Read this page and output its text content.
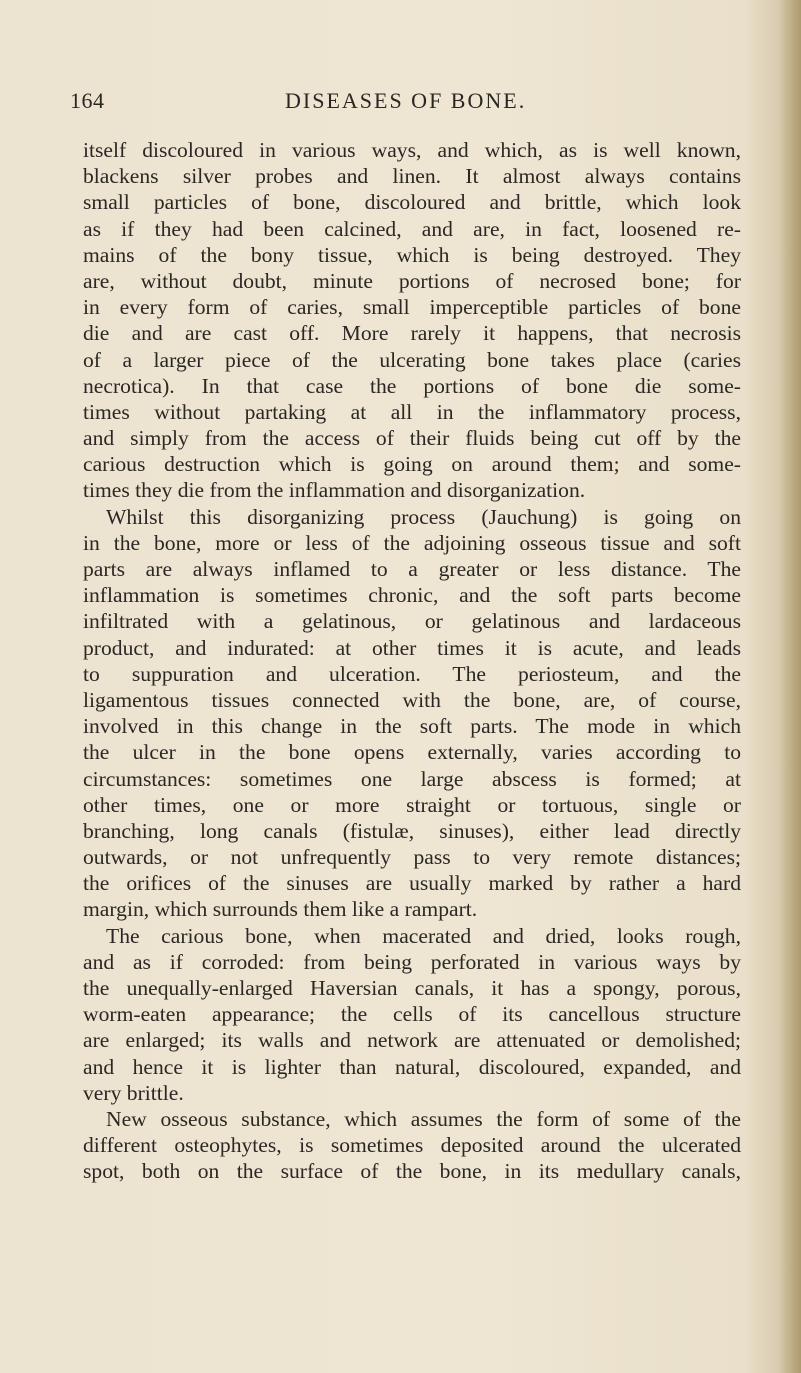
164	DISEASES OF BONE.
itself discoloured in various ways, and which, as is well known,
blackens silver probes and linen. It almost always contains
small particles of bone, discoloured and brittle, which look
as if they had been calcined, and are, in fact, loosened re-
mains of the bony tissue, which is being destroyed. They
are, without doubt, minute portions of necrosed bone; for
in every form of caries, small imperceptible particles of bone
die and are cast off. More rarely it happens, that necrosis
of a larger piece of the ulcerating bone takes place (caries
necrotica). In that case the portions of bone die some-
times without partaking at all in the inflammatory process,
and simply from the access of their fluids being cut off by the
carious destruction which is going on around them; and some-
times they die from the inflammation and disorganization.
Whilst this disorganizing process (Jauchung) is going on
in the bone, more or less of the adjoining osseous tissue and soft
parts are always inflamed to a greater or less distance. The
inflammation is sometimes chronic, and the soft parts become
infiltrated with a gelatinous, or gelatinous and lardaceous
product, and indurated: at other times it is acute, and leads
to suppuration and ulceration. The periosteum, and the
ligamentous tissues connected with the bone, are, of course,
involved in this change in the soft parts. The mode in which
the ulcer in the bone opens externally, varies according to
circumstances: sometimes one large abscess is formed; at
other times, one or more straight or tortuous, single or
branching, long canals (fistulæ, sinuses), either lead directly
outwards, or not unfrequently pass to very remote distances;
the orifices of the sinuses are usually marked by rather a hard
margin, which surrounds them like a rampart.
The carious bone, when macerated and dried, looks rough,
and as if corroded: from being perforated in various ways by
the unequally-enlarged Haversian canals, it has a spongy, porous,
worm-eaten appearance; the cells of its cancellous structure
are enlarged; its walls and network are attenuated or demolished;
and hence it is lighter than natural, discoloured, expanded, and
very brittle.
New osseous substance, which assumes the form of some of the
different osteophytes, is sometimes deposited around the ulcerated
spot, both on the surface of the bone, in its medullary canals,
